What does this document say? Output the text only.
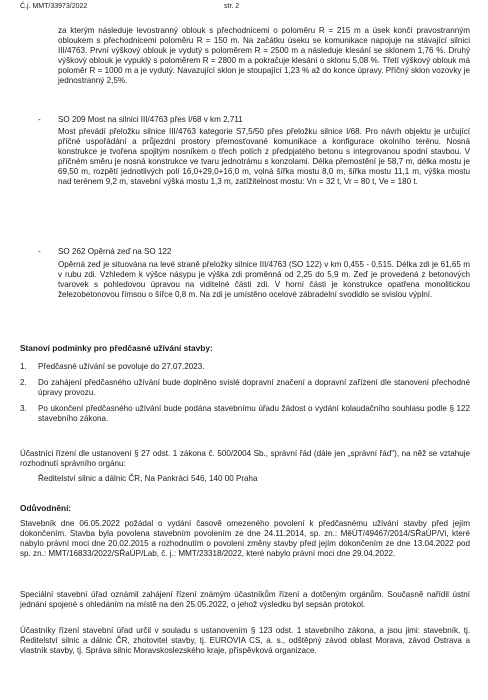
Č.j. MMT/33973/2022	str. 2

za kterým následuje levostranný oblouk s přechodnicemi o poloměru R = 215 m a úsek končí pravostranným obloukem s přechodnicemi poloměru R = 150 m. Na začátku úseku se komunikace napojuje na stávající silnici III/4763. První výškový oblouk je vydutý s poloměrem R = 2500 m a následuje klesání se sklonem 1,76 %. Druhý výškový oblouk je vypuklý s poloměrem R = 2800 m a pokračuje klesání o sklonu 5,08 %. Třetí výškový oblouk má poloměr R = 1000 m a je vydutý. Navazující sklon je stoupající 1,23 % až do konce úpravy. Příčný sklon vozovky je jednostranný 2,5%.

- SO 209 Most na silnici III/4763 přes I/68 v km 2,711

Most převádí přeložku silnice III/4763 kategorie S7,5/50 přes přeložku silnice I/68. Pro návrh objektu je určující příčné uspořádání a průjezdní prostory přemosťované komunikace a konfigurace okolního terénu. Nosná konstrukce je tvořena spojitým nosníkem o třech polích z předpjatého betonu s integrovanou spodní stavbou. V příčném směru je nosná konstrukce ve tvaru jednotrámu s konzolami. Délka přemostění je 58,7 m, délka mostu je 69,50 m, rozpětí jednotlivých polí 16,0+29,0+16,0 m, volná šířka mostu 8,0 m, šířka mostu 11,1 m, výška mostu nad terénem 9,2 m, stavební výška mostu 1,3 m, zatížitelnost mostu: Vn = 32 t, Vr = 80 t, Ve = 180 t.

- SO 262 Opěrná zeď na SO 122

Opěrná zeď je situována na levé straně přeložky silnice III/4763 (SO 122) v km 0,455 - 0,515. Délka zdi je 61,65 m v rubu zdi. Vzhledem k výšce násypu je výška zdi proměnná od 2,25 do 5,9 m. Zeď je provedená z betonových tvarovek s pohledovou úpravou na viditelné části zdi. V horní části je konstrukce opatřena monolitickou železobetonovou římsou o šířce 0,8 m. Na zdi je umístěno ocelové zábradelní svodidlo se svislou výplní.

Stanoví podmínky pro předčasné užívání stavby:
1. Předčasné užívání se povoluje do 27.07.2023.

2. Do zahájení předčasného užívání bude doplněno svislé dopravní značení a dopravní zařízení dle stanovení přechodné úpravy provozu.

3. Po ukončení předčasného užívání bude podána stavebnímu úřadu žádost o vydání kolaudačního souhlasu podle § 122 stavebního zákona.

Účastníci řízení dle ustanovení § 27 odst. 1 zákona č. 500/2004 Sb., správní řád (dále jen „správní řád"), na něž se vztahuje rozhodnutí správního orgánu:

Ředitelství silnic a dálnic ČR, Na Pankráci 546, 140 00 Praha

Odůvodnění:

Stavebník dne 06.05.2022 požádal o vydání časově omezeného povolení k předčasnému užívání stavby před jejím dokončením. Stavba byla povolena stavebním povolením ze dne 24.11.2014, sp. zn.: MěÚT/49467/2014/SŘaÚP/Vi, které nabylo právní moci dne 20.02.2015 a rozhodnutím o povolení změny stavby před jejím dokončením ze dne 13.04.2022 pod sp. zn.: MMT/16833/2022/SŘaÚP/Lab, č. j.: MMT/23318/2022, které nabylo právní moci dne 29.04.2022.

Speciální stavební úřad oznámil zahájení řízení známým účastníkům řízení a dotčeným orgánům. Současně nařídil ústní jednání spojené s ohledáním na místě na den 25.05.2022, o jehož výsledku byl sepsán protokol.

Účastníky řízení stavební úřad určil v souladu s ustanovením § 123 odst. 1 stavebního zákona, a jsou jimi: stavebník, tj. Ředitelství silnic a dálnic ČR, zhotovitel stavby, tj. EUROVIA CS, a. s., odštěpný závod oblast Morava, závod Ostrava a vlastník stavby, tj. Správa silnic Moravskoslezského kraje, příspěvková organizace.
